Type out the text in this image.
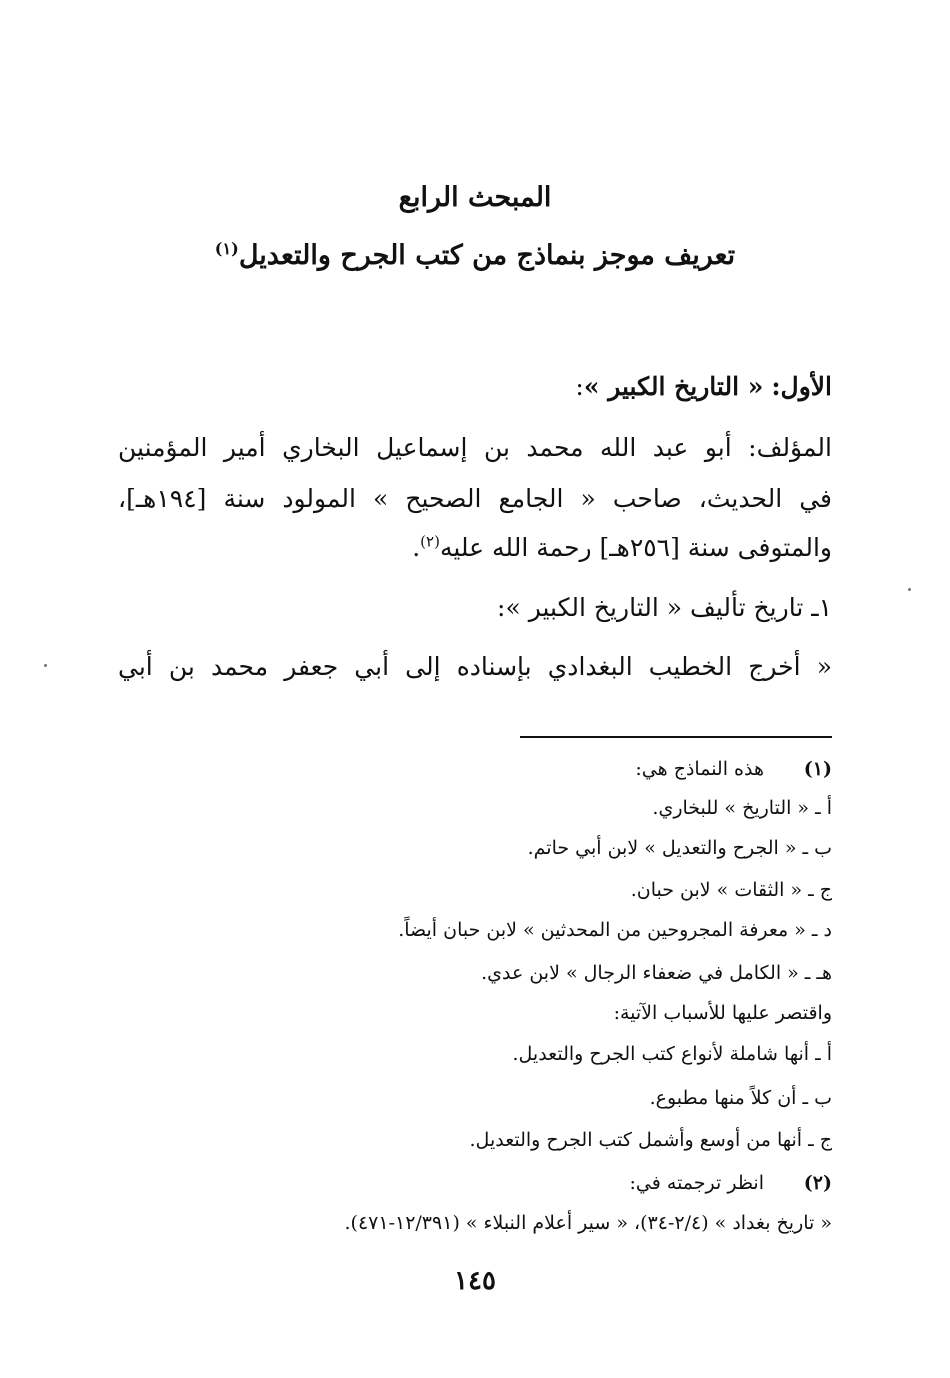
المبحث الرابع
تعريف موجز بنماذج من كتب الجرح والتعديل$^{(١)}$
الأول: « التاريخ الكبير »:
المؤلف: أبو عبد الله محمد بن إسماعيل البخاري أمير المؤمنين
في الحديث، صاحب « الجامع الصحيح » المولود سنة [١٩٤هـ]،
والمتوفى سنة [٢٥٦هـ] رحمة الله عليه$^{(٢)}$.
١ـ تاريخ تأليف « التاريخ الكبير »:
« أخرج الخطيب البغدادي بإسناده إلى أبي جعفر محمد بن أبي
(١)
هذه النماذج هي:
أ ـ « التاريخ » للبخاري.
ب ـ « الجرح والتعديل » لابن أبي حاتم.
ج ـ « الثقات » لابن حبان.
د ـ « معرفة المجروحين من المحدثين » لابن حبان أيضاً.
هـ ـ « الكامل في ضعفاء الرجال » لابن عدي.
واقتصر عليها للأسباب الآتية:
أ ـ أنها شاملة لأنواع كتب الجرح والتعديل.
ب ـ أن كلاً منها مطبوع.
ج ـ أنها من أوسع وأشمل كتب الجرح والتعديل.
(٢)
انظر ترجمته في:
« تاريخ بغداد » (٢/٤-٣٤)، « سير أعلام النبلاء » (١٢/٣٩١-٤٧١).
١٤٥
